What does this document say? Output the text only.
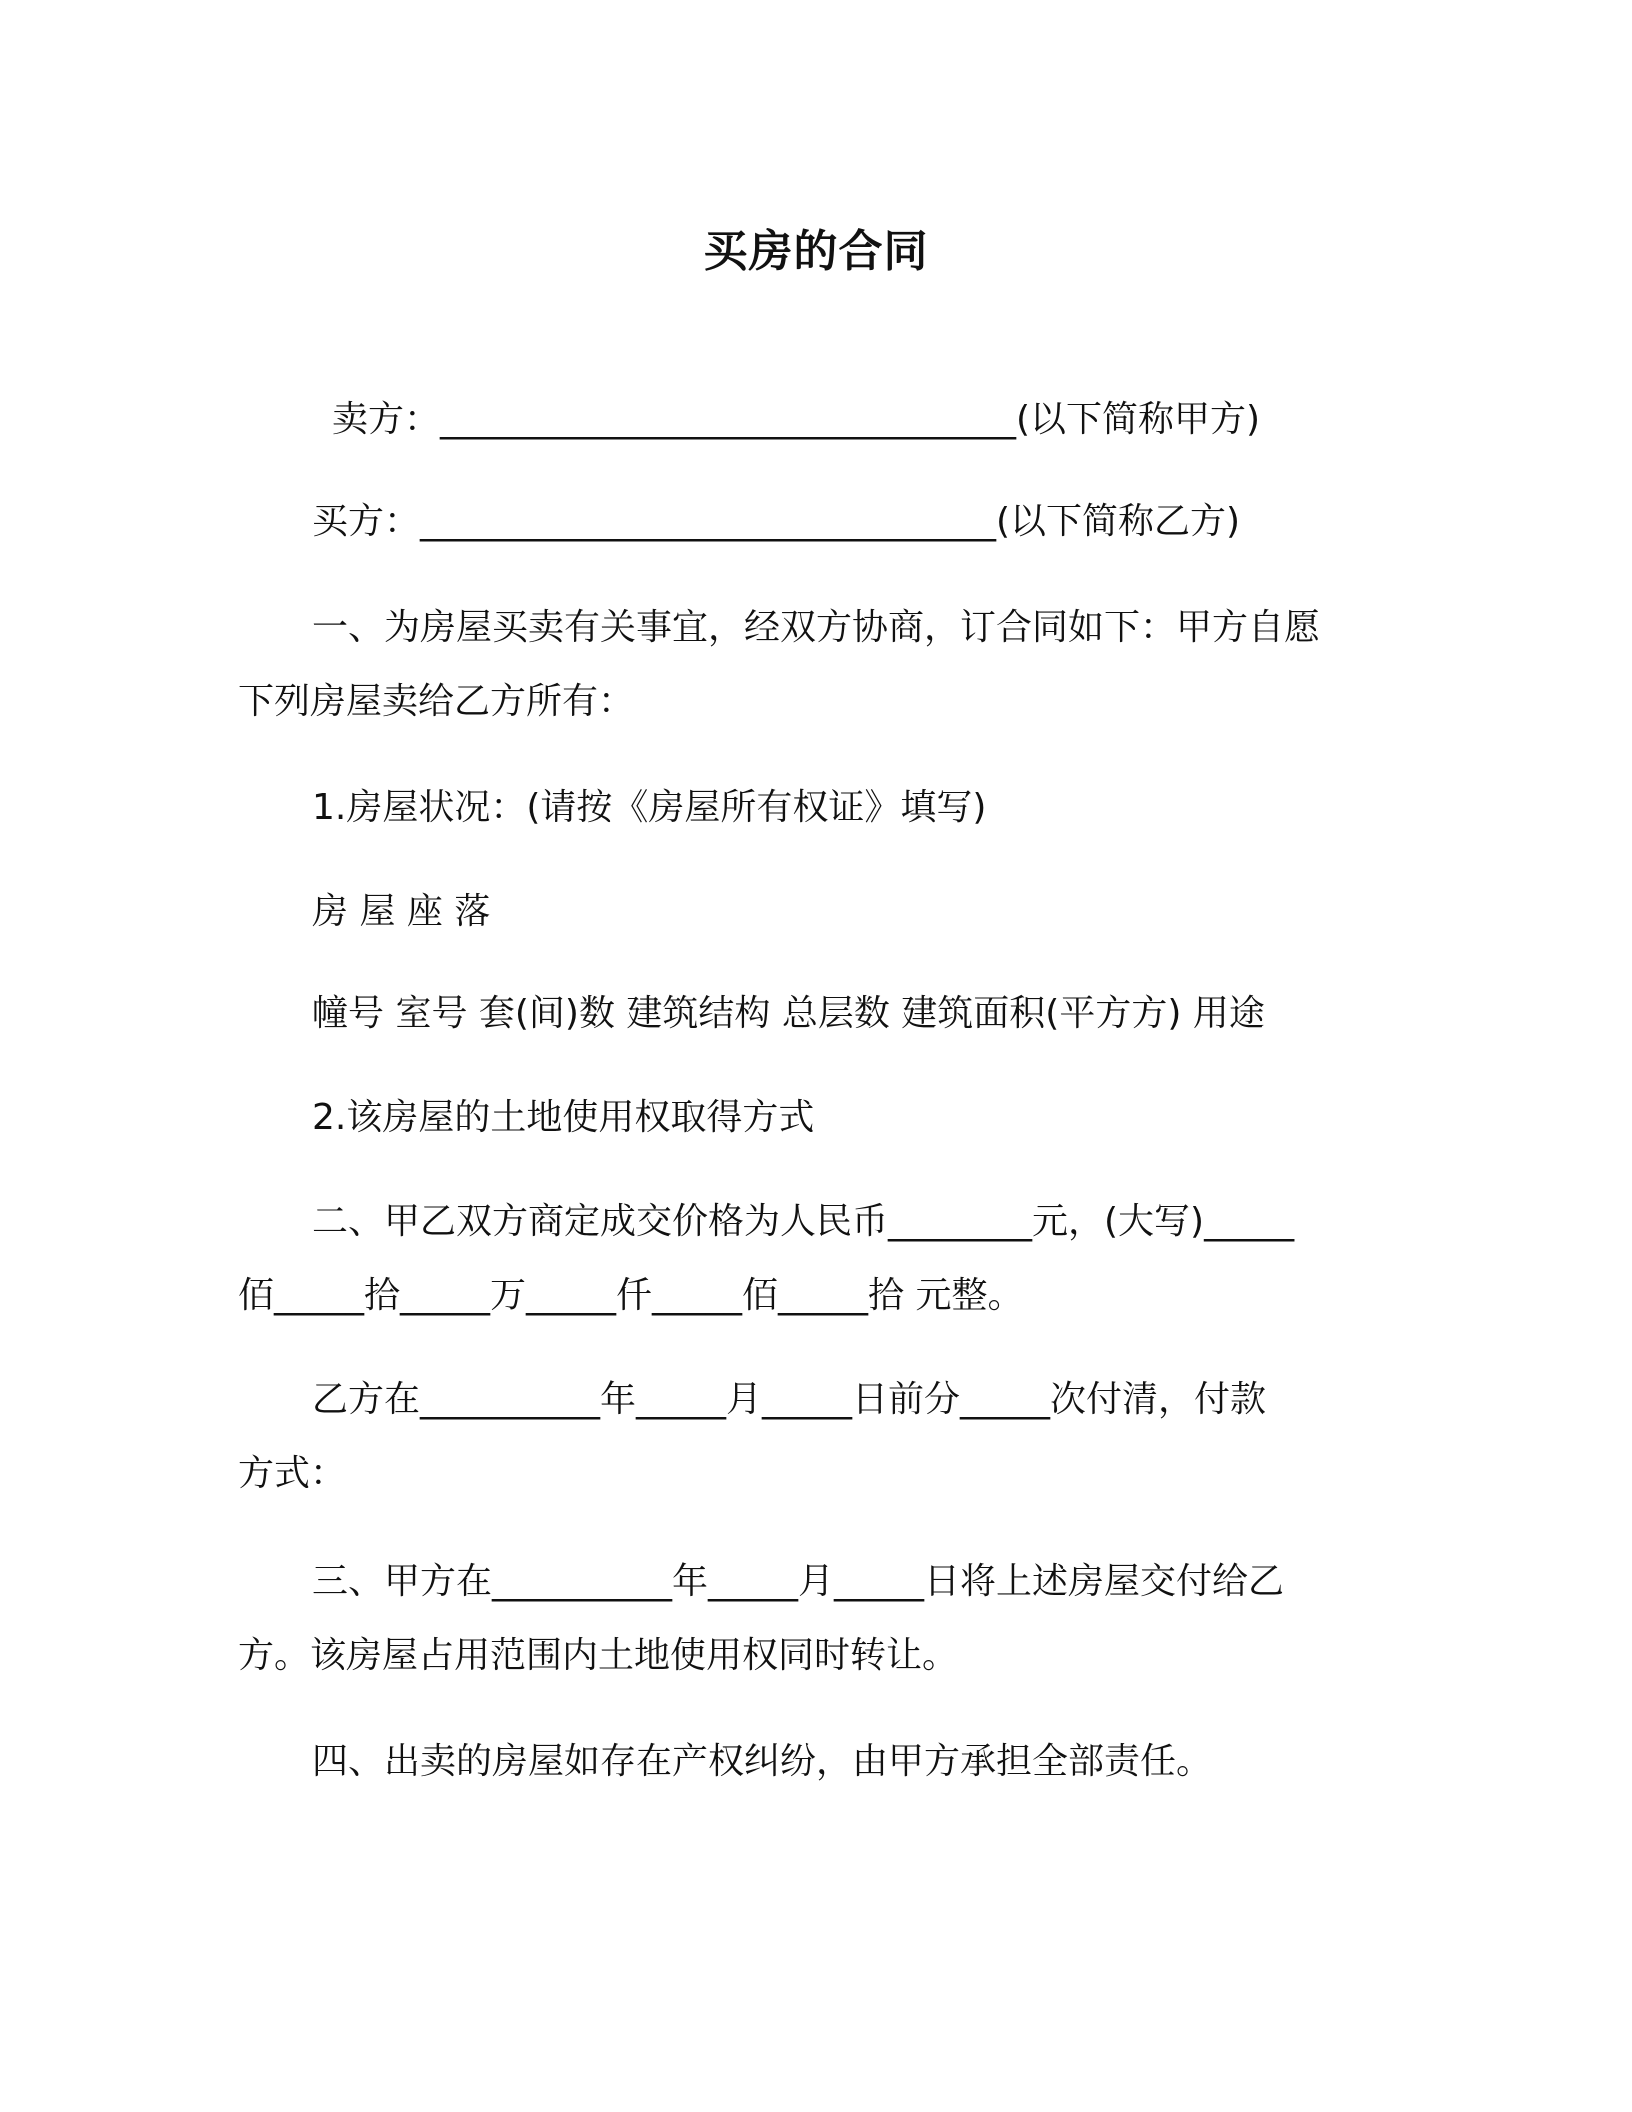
买房的合同
卖方：________________________________(以下简称甲方)
买方：________________________________(以下简称乙方)
一、为房屋买卖有关事宜，经双方协商，订合同如下：甲方自愿
下列房屋卖给乙方所有：
1.房屋状况：(请按《房屋所有权证》填写)
房 屋 座 落
幢号 室号 套(间)数 建筑结构 总层数 建筑面积(平方方) 用途
2.该房屋的土地使用权取得方式
二、甲乙双方商定成交价格为人民币________元，(大写)_____
佰_____拾_____万_____仟_____佰_____拾 元整。
乙方在__________年_____月_____日前分_____次付清，付款
方式：
三、甲方在__________年_____月_____日将上述房屋交付给乙
方。该房屋占用范围内土地使用权同时转让。
四、出卖的房屋如存在产权纠纷，由甲方承担全部责任。
